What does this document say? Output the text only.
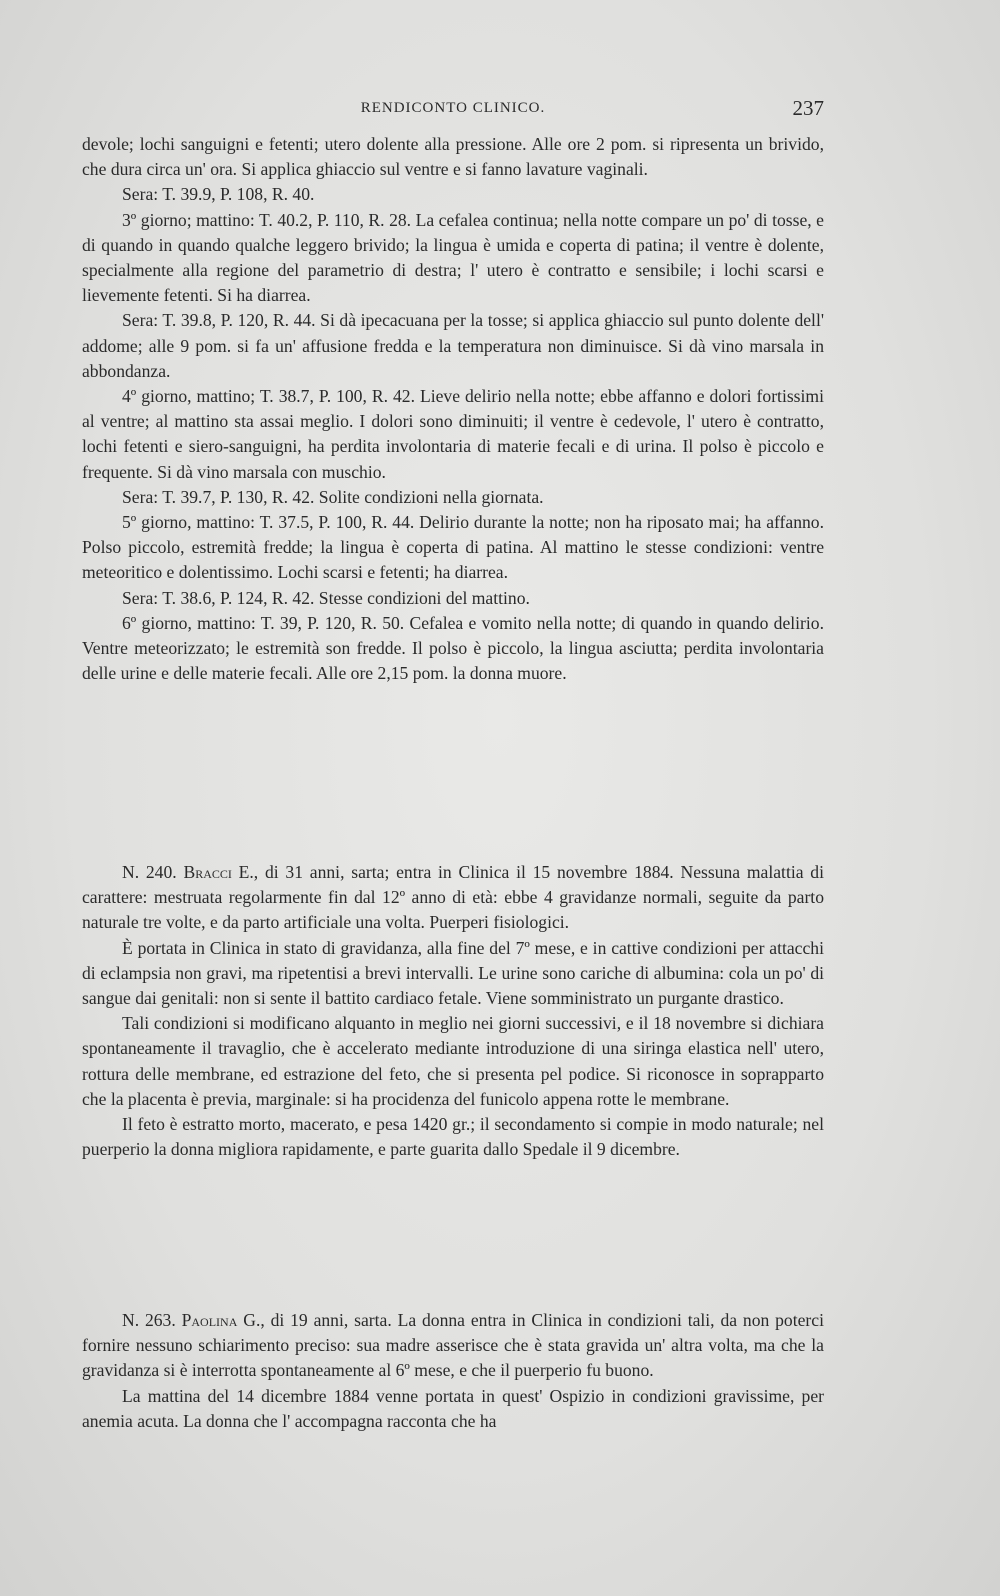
RENDICONTO CLINICO.	237

devole; lochi sanguigni e fetenti; utero dolente alla pressione. Alle ore 2 pom. si ripresenta un brivido, che dura circa un' ora. Si applica ghiaccio sul ventre e si fanno lavature vaginali.

Sera: T. 39.9, P. 108, R. 40.

3º giorno; mattino: T. 40.2, P. 110, R. 28. La cefalea continua; nella notte compare un po' di tosse, e di quando in quando qualche leggero brivido; la lingua è umida e coperta di patina; il ventre è dolente, specialmente alla regione del parametrio di destra; l' utero è contratto e sensibile; i lochi scarsi e lievemente fetenti. Si ha diarrea.

Sera: T. 39.8, P. 120, R. 44. Si dà ipecacuana per la tosse; si applica ghiaccio sul punto dolente dell' addome; alle 9 pom. si fa un' affusione fredda e la temperatura non diminuisce. Si dà vino marsala in abbondanza.

4º giorno, mattino; T. 38.7, P. 100, R. 42. Lieve delirio nella notte; ebbe affanno e dolori fortissimi al ventre; al mattino sta assai meglio. I dolori sono diminuiti; il ventre è cedevole, l' utero è contratto, lochi fetenti e siero-sanguigni, ha perdita involontaria di materie fecali e di urina. Il polso è piccolo e frequente. Si dà vino marsala con muschio.

Sera: T. 39.7, P. 130, R. 42. Solite condizioni nella giornata.

5º giorno, mattino: T. 37.5, P. 100, R. 44. Delirio durante la notte; non ha riposato mai; ha affanno. Polso piccolo, estremità fredde; la lingua è coperta di patina. Al mattino le stesse condizioni: ventre meteoritico e dolentissimo. Lochi scarsi e fetenti; ha diarrea.

Sera: T. 38.6, P. 124, R. 42. Stesse condizioni del mattino.

6º giorno, mattino: T. 39, P. 120, R. 50. Cefalea e vomito nella notte; di quando in quando delirio. Ventre meteorizzato; le estremità son fredde. Il polso è piccolo, la lingua asciutta; perdita involontaria delle urine e delle materie fecali. Alle ore 2,15 pom. la donna muore.

N. 240. Bracci E., di 31 anni, sarta; entra in Clinica il 15 novembre 1884. Nessuna malattia di carattere: mestruata regolarmente fin dal 12º anno di età: ebbe 4 gravidanze normali, seguite da parto naturale tre volte, e da parto artificiale una volta. Puerperi fisiologici.

È portata in Clinica in stato di gravidanza, alla fine del 7º mese, e in cattive condizioni per attacchi di eclampsia non gravi, ma ripetentisi a brevi intervalli. Le urine sono cariche di albumina: cola un po' di sangue dai genitali: non si sente il battito cardiaco fetale. Viene somministrato un purgante drastico.

Tali condizioni si modificano alquanto in meglio nei giorni successivi, e il 18 novembre si dichiara spontaneamente il travaglio, che è accelerato mediante introduzione di una siringa elastica nell' utero, rottura delle membrane, ed estrazione del feto, che si presenta pel podice. Si riconosce in soprapparto che la placenta è previa, marginale: si ha procidenza del funicolo appena rotte le membrane.

Il feto è estratto morto, macerato, e pesa 1420 gr.; il secondamento si compie in modo naturale; nel puerperio la donna migliora rapidamente, e parte guarita dallo Spedale il 9 dicembre.

N. 263. Paolina G., di 19 anni, sarta. La donna entra in Clinica in condizioni tali, da non poterci fornire nessuno schiarimento preciso: sua madre asserisce che è stata gravida un' altra volta, ma che la gravidanza si è interrotta spontaneamente al 6º mese, e che il puerperio fu buono.

La mattina del 14 dicembre 1884 venne portata in quest' Ospizio in condizioni gravissime, per anemia acuta. La donna che l' accompagna racconta che ha
